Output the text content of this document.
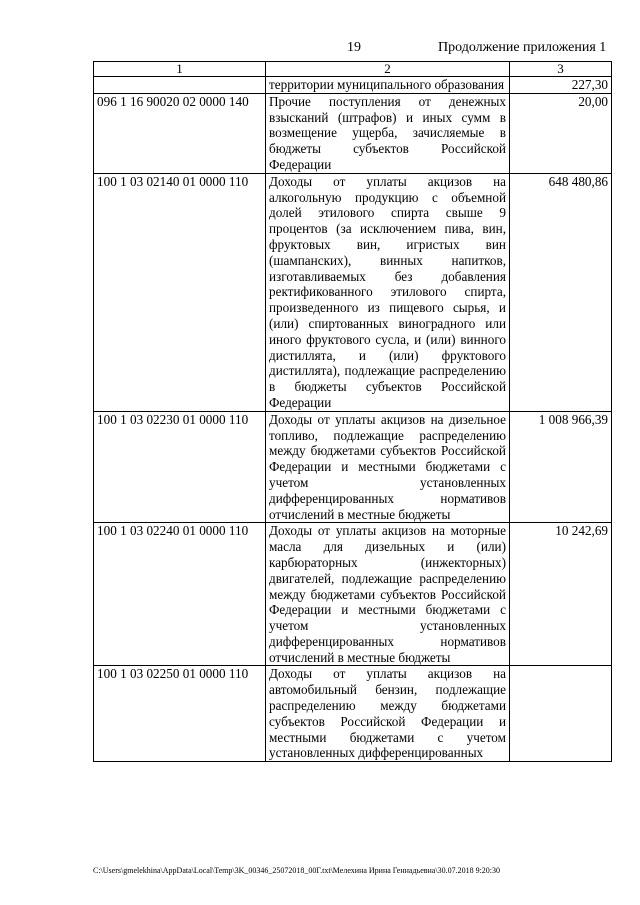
19	Продолжение приложения 1
1	2	3
	территории муниципального образования	227,30
096 1 16 90020 02 0000 140	Прочие поступления от денежных взысканий (штрафов) и иных сумм в возмещение ущерба, зачисляемые в бюджеты субъектов Российской Федерации	20,00
100 1 03 02140 01 0000 110	Доходы от уплаты акцизов на алкогольную продукцию с объемной долей этилового спирта свыше 9 процентов (за исключением пива, вин, фруктовых вин, игристых вин (шампанских), винных напитков, изготавливаемых без добавления ректификованного этилового спирта, произведенного из пищевого сырья, и (или) спиртованных виноградного или иного фруктового сусла, и (или) винного дистиллята, и (или) фруктового дистиллята), подлежащие распределению в бюджеты субъектов Российской Федерации	648 480,86
100 1 03 02230 01 0000 110	Доходы от уплаты акцизов на дизельное топливо, подлежащие распределению между бюджетами субъектов Российской Федерации и местными бюджетами с учетом установленных дифференцированных нормативов отчислений в местные бюджеты	1 008 966,39
100 1 03 02240 01 0000 110	Доходы от уплаты акцизов на моторные масла для дизельных и (или) карбюраторных (инжекторных) двигателей, подлежащие распределению между бюджетами субъектов Российской Федерации и местными бюджетами с учетом установленных дифференцированных нормативов отчислений в местные бюджеты	10 242,69
100 1 03 02250 01 0000 110	Доходы от уплаты акцизов на автомобильный бензин, подлежащие распределению между бюджетами субъектов Российской Федерации и местными бюджетами с учетом установленных дифференцированных	
C:\Users\gmelekhina\AppData\Local\Temp\3K_00346_25072018_00Г.txt\Мелехина Ирина Геннадьевна\30.07.2018 9:20:30
